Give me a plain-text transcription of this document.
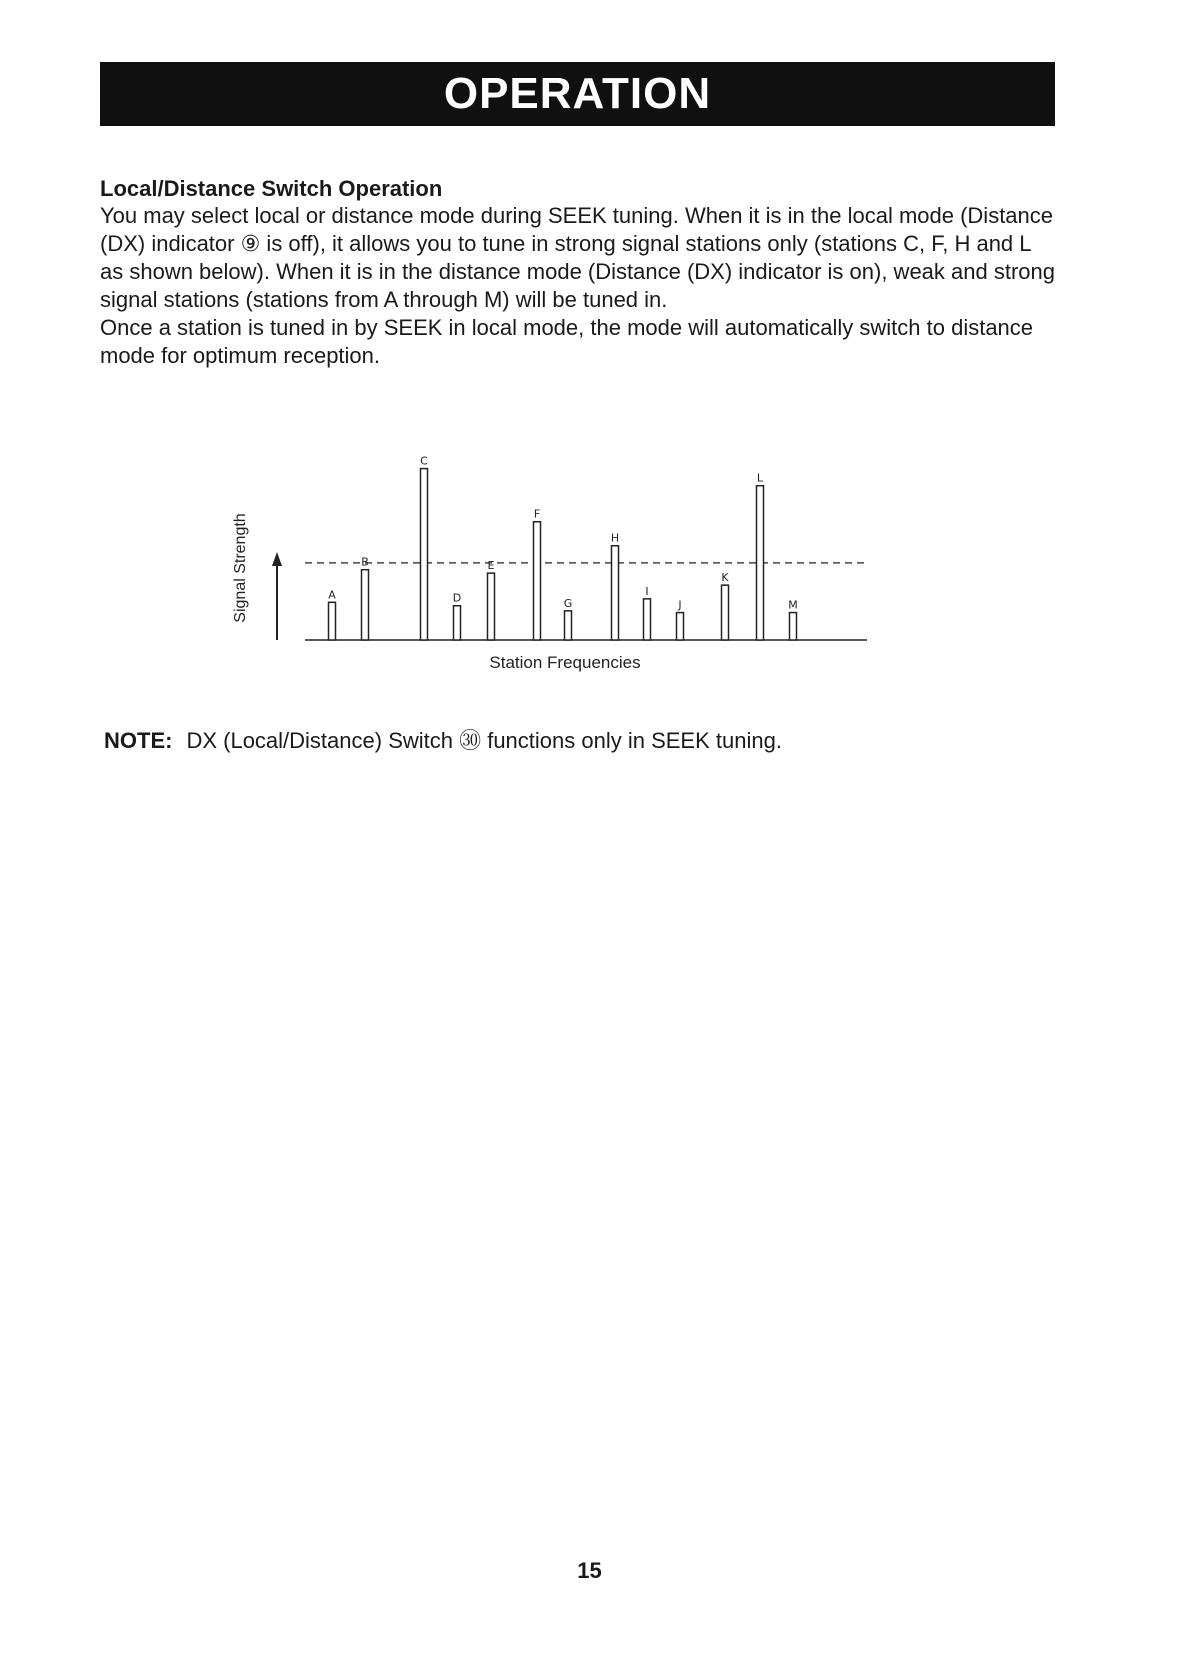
OPERATION
Local/Distance Switch Operation

You may select local or distance mode during SEEK tuning. When it is in the local mode (Distance (DX) indicator ⑨ is off), it allows you to tune in strong signal stations only (stations C, F, H and L as shown below). When it is in the distance mode (Distance (DX) indicator is on), weak and strong signal stations (stations from A through M) will be tuned in.

Once a station is tuned in by SEEK in local mode, the mode will automatically switch to distance mode for optimum reception.

A
B
C
D
E
F
G
H
I
J
K
L
M
Signal Strength
Station Frequencies

NOTE: DX (Local/Distance) Switch ㉚ functions only in SEEK tuning.

15
